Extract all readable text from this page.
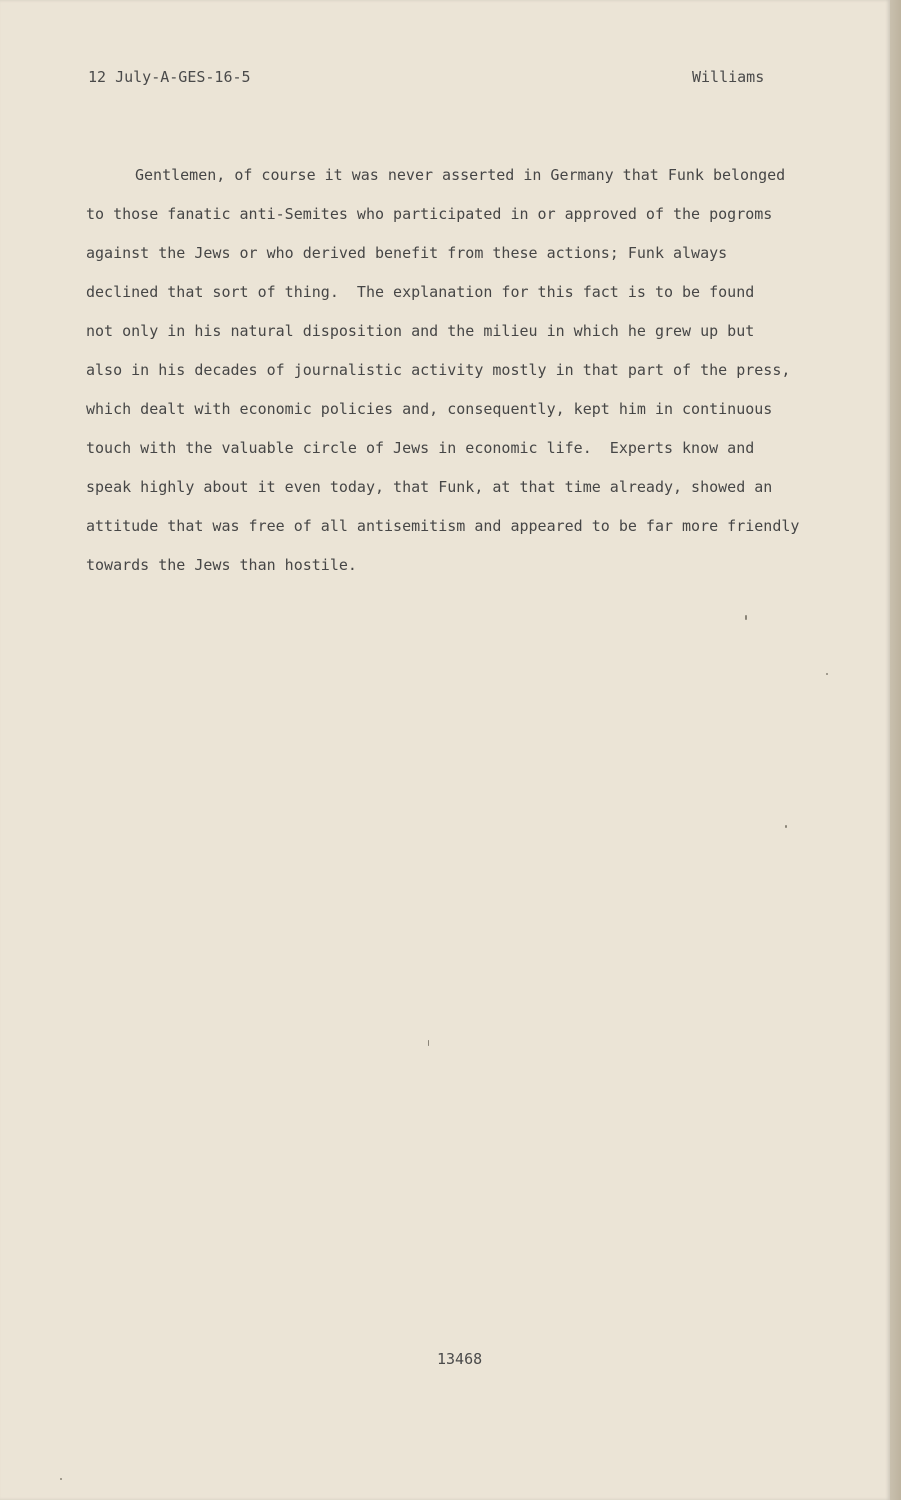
12 July-A-GES-16-5	Williams
Gentlemen, of course it was never asserted in Germany that Funk belonged
to those fanatic anti-Semites who participated in or approved of the pogroms
against the Jews or who derived benefit from these actions; Funk always
declined that sort of thing.  The explanation for this fact is to be found
not only in his natural disposition and the milieu in which he grew up but
also in his decades of journalistic activity mostly in that part of the press,
which dealt with economic policies and, consequently, kept him in continuous
touch with the valuable circle of Jews in economic life.  Experts know and
speak highly about it even today, that Funk, at that time already, showed an
attitude that was free of all antisemitism and appeared to be far more friendly
towards the Jews than hostile.
13468
